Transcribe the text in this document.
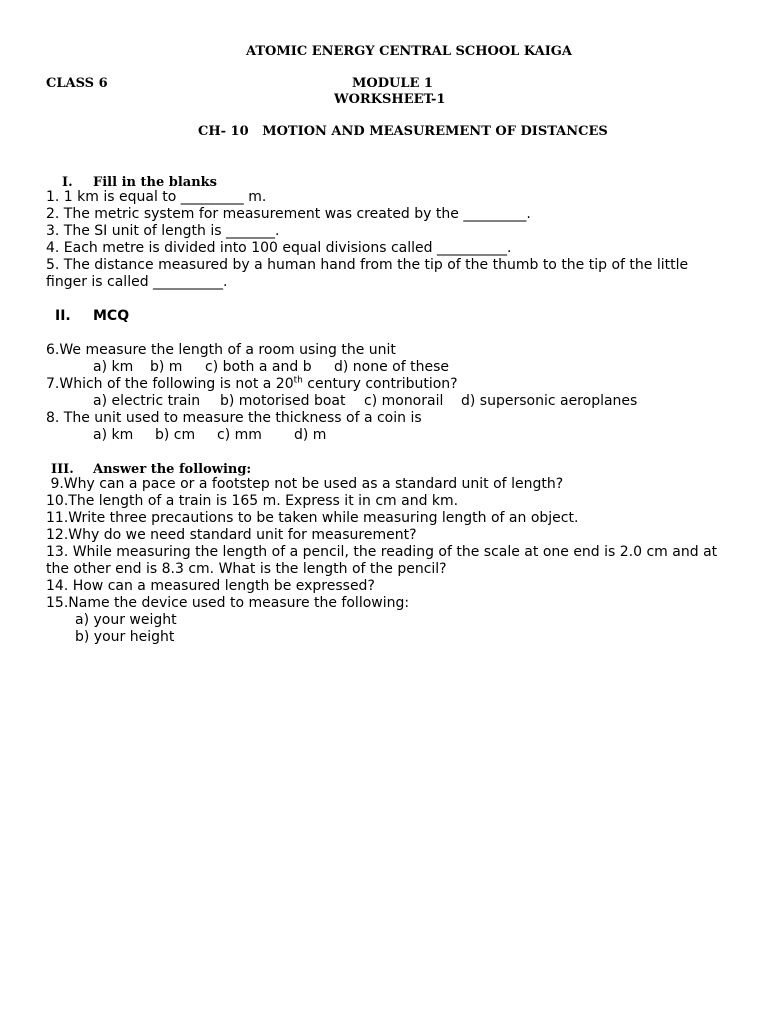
ATOMIC ENERGY CENTRAL SCHOOL KAIGA
CLASS 6	MODULE 1
WORKSHEET-1
CH- 10   MOTION AND MEASUREMENT OF DISTANCES
I. Fill in the blanks
1. 1 km is equal to _________ m.
2. The metric system for measurement was created by the _________.
3. The SI unit of length is _______.
4. Each metre is divided into 100 equal divisions called __________.
5. The distance measured by a human hand from the tip of the thumb to the tip of the little
finger is called __________.
II. MCQ
6.We measure the length of a room using the unit
a) km b) m c) both a and b d) none of these
7.Which of the following is not a 20th century contribution?
a) electric train b) motorised boat c) monorail d) supersonic aeroplanes
8. The unit used to measure the thickness of a coin is
a) km b) cm c) mm d) m
III. Answer the following:
9.Why can a pace or a footstep not be used as a standard unit of length?
10.The length of a train is 165 m. Express it in cm and km.
11.Write three precautions to be taken while measuring length of an object.
12.Why do we need standard unit for measurement?
13. While measuring the length of a pencil, the reading of the scale at one end is 2.0 cm and at
the other end is 8.3 cm. What is the length of the pencil?
14. How can a measured length be expressed?
15.Name the device used to measure the following:
a) your weight
b) your height
